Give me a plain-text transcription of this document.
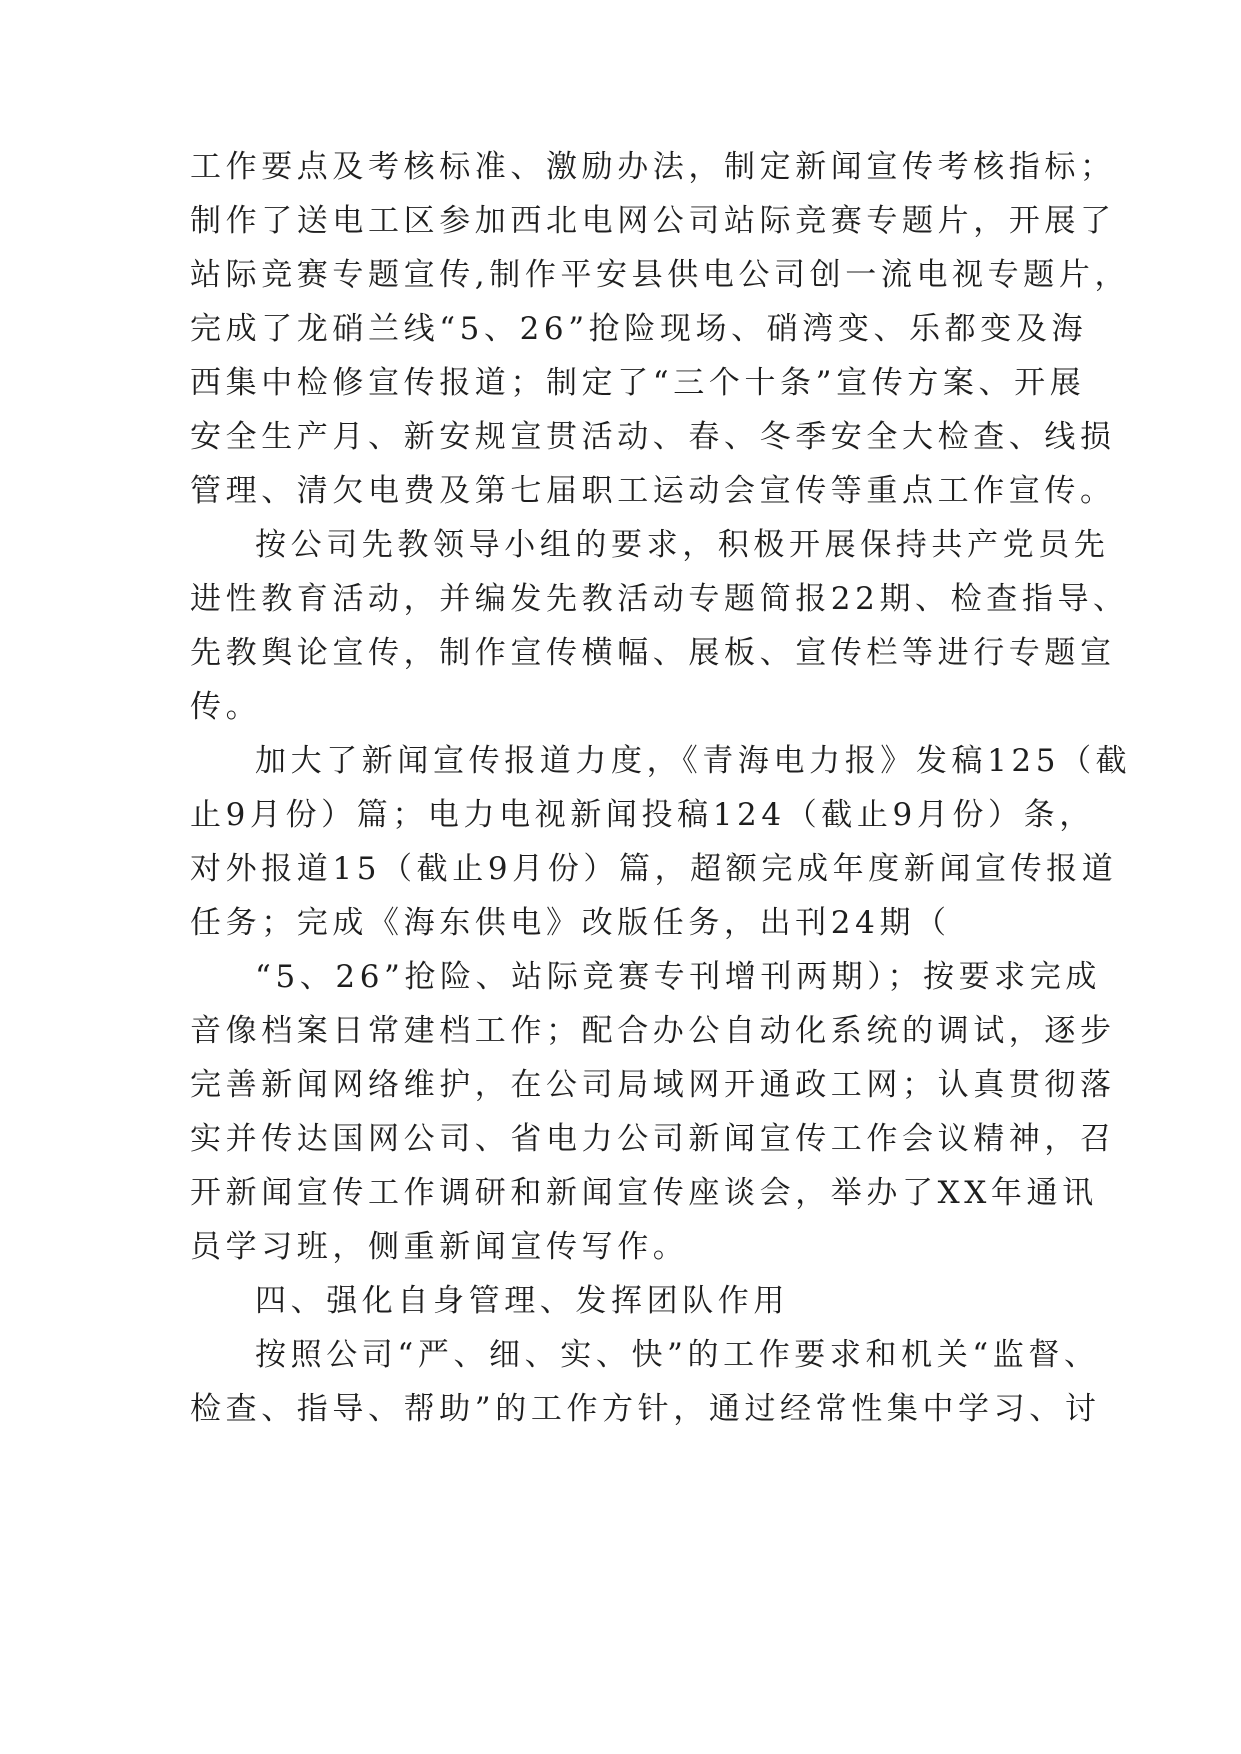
工作要点及考核标准、激励办法，制定新闻宣传考核指标；

制作了送电工区参加西北电网公司站际竞赛专题片，开展了

站际竞赛专题宣传,制作平安县供电公司创一流电视专题片，

完成了龙硝兰线“5、26”抢险现场、硝湾变、乐都变及海

西集中检修宣传报道；制定了“三个十条”宣传方案、开展

安全生产月、新安规宣贯活动、春、冬季安全大检查、线损

管理、清欠电费及第七届职工运动会宣传等重点工作宣传。

按公司先教领导小组的要求，积极开展保持共产党员先

进性教育活动，并编发先教活动专题简报22期、检查指导、

先教舆论宣传，制作宣传横幅、展板、宣传栏等进行专题宣

传。

加大了新闻宣传报道力度，《青海电力报》发稿125（截

止9月份）篇；电力电视新闻投稿124（截止9月份）条，

对外报道15（截止9月份）篇，超额完成年度新闻宣传报道

任务；完成《海东供电》改版任务，出刊24期（

“5、26”抢险、站际竞赛专刊增刊两期）；按要求完成

音像档案日常建档工作；配合办公自动化系统的调试，逐步

完善新闻网络维护，在公司局域网开通政工网；认真贯彻落

实并传达国网公司、省电力公司新闻宣传工作会议精神，召

开新闻宣传工作调研和新闻宣传座谈会，举办了XX年通讯

员学习班，侧重新闻宣传写作。

四、强化自身管理、发挥团队作用

按照公司“严、细、实、快”的工作要求和机关“监督、

检查、指导、帮助”的工作方针，通过经常性集中学习、讨
